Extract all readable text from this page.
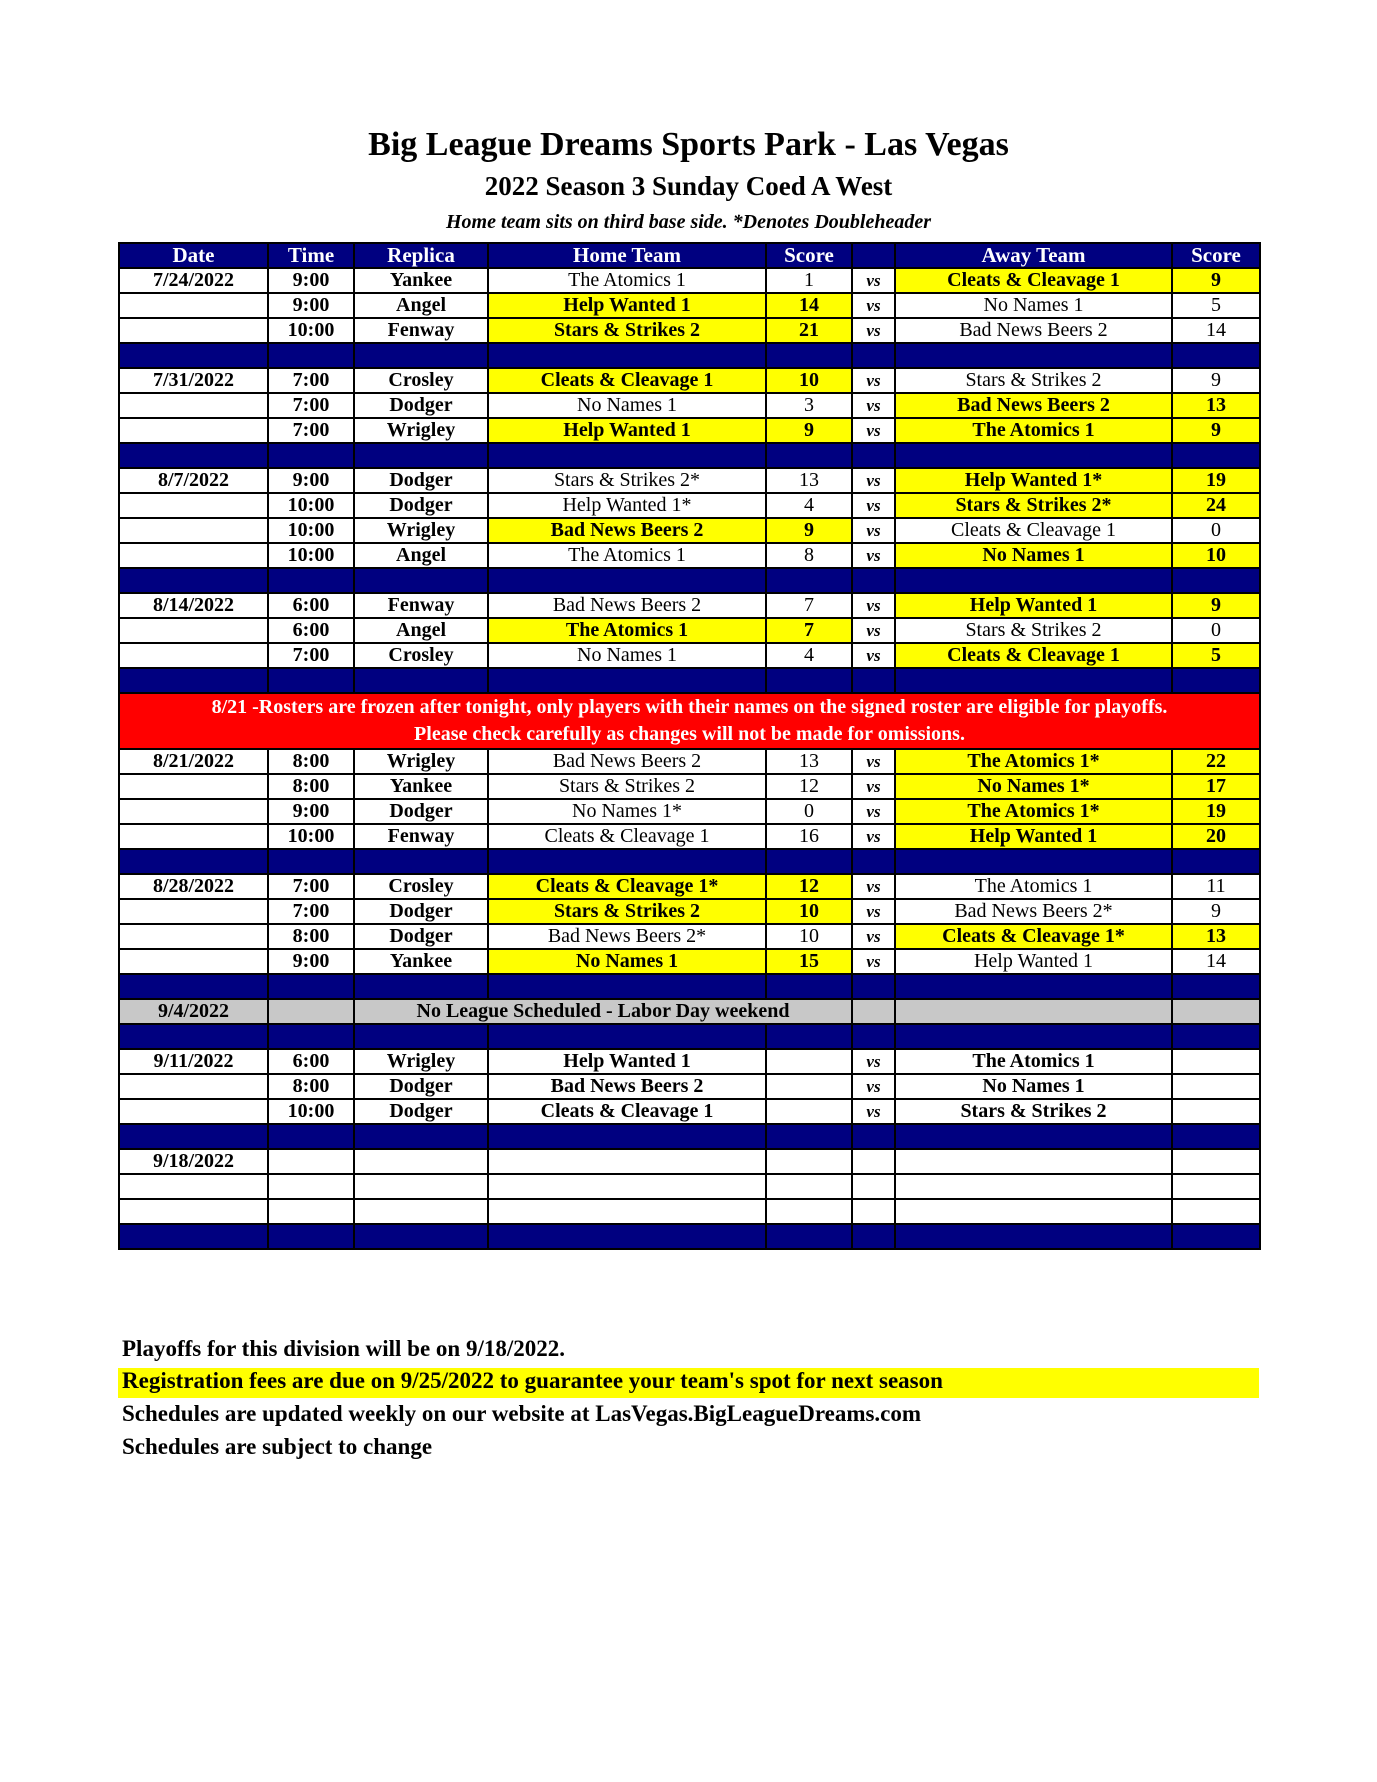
Big League Dreams Sports Park - Las Vegas
2022 Season 3 Sunday Coed A West
Home team sits on third base side. *Denotes Doubleheader
Date	Time	Replica	Home Team	Score		Away Team	Score
7/24/2022	9:00	Yankee	The Atomics 1	1	vs	Cleats & Cleavage 1	9
	9:00	Angel	Help Wanted 1	14	vs	No Names 1	5
	10:00	Fenway	Stars & Strikes 2	21	vs	Bad News Beers 2	14

7/31/2022	7:00	Crosley	Cleats & Cleavage 1	10	vs	Stars & Strikes 2	9
	7:00	Dodger	No Names 1	3	vs	Bad News Beers 2	13
	7:00	Wrigley	Help Wanted 1	9	vs	The Atomics 1	9

8/7/2022	9:00	Dodger	Stars & Strikes 2*	13	vs	Help Wanted 1*	19
	10:00	Dodger	Help Wanted 1*	4	vs	Stars & Strikes 2*	24
	10:00	Wrigley	Bad News Beers 2	9	vs	Cleats & Cleavage 1	0
	10:00	Angel	The Atomics 1	8	vs	No Names 1	10

8/14/2022	6:00	Fenway	Bad News Beers 2	7	vs	Help Wanted 1	9
	6:00	Angel	The Atomics 1	7	vs	Stars & Strikes 2	0
	7:00	Crosley	No Names 1	4	vs	Cleats & Cleavage 1	5

8/21 -Rosters are frozen after tonight, only players with their names on the signed roster are eligible for playoffs.
Please check carefully as changes will not be made for omissions.							

8/21/2022	8:00	Wrigley	Bad News Beers 2	13	vs	The Atomics 1*	22
	8:00	Yankee	Stars & Strikes 2	12	vs	No Names 1*	17
	9:00	Dodger	No Names 1*	0	vs	The Atomics 1*	19
	10:00	Fenway	Cleats & Cleavage 1	16	vs	Help Wanted 1	20

8/28/2022	7:00	Crosley	Cleats & Cleavage 1*	12	vs	The Atomics 1	11
	7:00	Dodger	Stars & Strikes 2	10	vs	Bad News Beers 2*	9
	8:00	Dodger	Bad News Beers 2*	10	vs	Cleats & Cleavage 1*	13
	9:00	Yankee	No Names 1	15	vs	Help Wanted 1	14

9/4/2022		No League Scheduled - Labor Day weekend					

9/11/2022	6:00	Wrigley	Help Wanted 1		vs	The Atomics 1	
	8:00	Dodger	Bad News Beers 2		vs	No Names 1	
	10:00	Dodger	Cleats & Cleavage 1		vs	Stars & Strikes 2	

9/18/2022							

Playoffs for this division will be on 9/18/2022.
Registration fees are due on 9/25/2022 to guarantee your team's spot for next season
Schedules are updated weekly on our website at LasVegas.BigLeagueDreams.com
Schedules are subject to change
